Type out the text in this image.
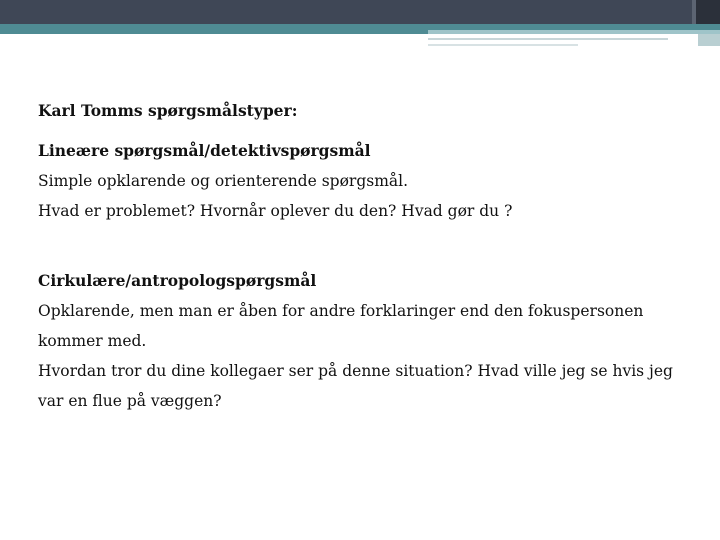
Karl Tomms spørgsmålstyper:

Lineære spørgsmål/detektivspørgsmål

Simple opklarende og orienterende spørgsmål.

Hvad er problemet? Hvornår oplever du den? Hvad gør du ?

Cirkulære/antropologspørgsmål

Opklarende, men man er åben for andre forklaringer end den fokuspersonen

kommer med.

Hvordan tror du dine kollegaer ser på denne situation? Hvad ville jeg se hvis jeg

var en flue på væggen?
